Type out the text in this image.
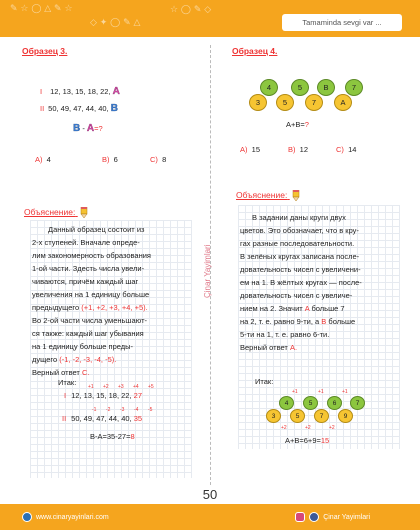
✎ ☆ ◯ △ ✎ ☆
◇ ✦ ◯ ✎ △
☆ ◯ ✎ ◇
Tamaminda sevgi var ...
Çinar Yayimlari
Образец 3.
I 12, 13, 15, 18, 22, A
II 50, 49, 47, 44, 40, B
B - A=?
A) 4	B) 6	C) 8
Объяснение:
Данный образец состоит из
2-х ступеней. Вначале опреде-
лим закономерность образования
1-ой части. Здесть числа увели-
чиваются, причём каждый шаг
увеличения на 1 единицу больше
предыдущего (+1, +2, +3, +4, +5).
Во 2-ой части числа уменьшают-
ся также: каждый шаг убывания
на 1 единицу больше преды-
дущего (-1, -2, -3, -4, -5).
Верный ответ C.
Итак: +1 +2 +3 +4 +5
I 12, 13, 15, 18, 22, 27
-1 -2 -3 -4 -5
II 50, 49, 47, 44, 40, 35
B-A=35-27=8
Образец 4.
4	5	B	7
3	5	7	A
A+B=?
A) 15	B) 12	C) 14
Объяснение:
В задании даны круги двух
цветов. Это обозначает, что в кру-
гах разные последовательности.
В зелёных кругах записана после-
довательность чисел с увеличени-
ем на 1. В жёлтых кругах — после-
довательность чисел с увеличе-
нием на 2. Значит A больше 7
на 2, т. е. равно 9-ти, а B больше
5-ти на 1, т. е. равно 6-ти.
Верный ответ A.
Итак:
+1	+1	+1
4	5	6	7
3	5	7	9
+2	+2	+2
A+B=6+9=15
50
www.cinaryayinlari.com	Çinar Yayimlari
